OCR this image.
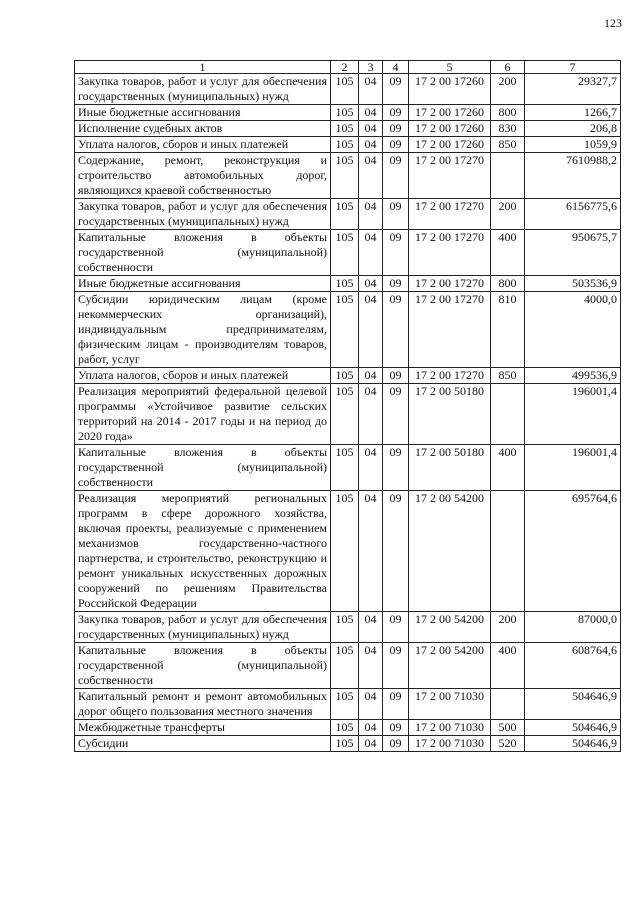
123
1	2	3	4	5	6	7
Закупка товаров, работ и услуг для обеспечения государственных (муниципальных) нужд	105	04	09	17 2 00 17260	200	29327,7
Иные бюджетные ассигнования	105	04	09	17 2 00 17260	800	1266,7
Исполнение судебных актов	105	04	09	17 2 00 17260	830	206,8
Уплата налогов, сборов и иных платежей	105	04	09	17 2 00 17260	850	1059,9
Содержание, ремонт, реконструкция и строительство автомобильных дорог, являющихся краевой собственностью	105	04	09	17 2 00 17270		7610988,2
Закупка товаров, работ и услуг для обеспечения государственных (муниципальных) нужд	105	04	09	17 2 00 17270	200	6156775,6
Капитальные вложения в объекты государственной (муниципальной) собственности	105	04	09	17 2 00 17270	400	950675,7
Иные бюджетные ассигнования	105	04	09	17 2 00 17270	800	503536,9
Субсидии юридическим лицам (кроме некоммерческих организаций), индивидуальным предпринимателям, физическим лицам - производителям товаров, работ, услуг	105	04	09	17 2 00 17270	810	4000,0
Уплата налогов, сборов и иных платежей	105	04	09	17 2 00 17270	850	499536,9
Реализация мероприятий федеральной целевой программы «Устойчивое развитие сельских территорий на 2014 - 2017 годы и на период до 2020 года»	105	04	09	17 2 00 50180		196001,4
Капитальные вложения в объекты государственной (муниципальной) собственности	105	04	09	17 2 00 50180	400	196001,4
Реализация мероприятий региональных программ в сфере дорожного хозяйства, включая проекты, реализуемые с применением механизмов государственно-частного партнерства, и строительство, реконструкцию и ремонт уникальных искусственных дорожных сооружений по решениям Правительства Российской Федерации	105	04	09	17 2 00 54200		695764,6
Закупка товаров, работ и услуг для обеспечения государственных (муниципальных) нужд	105	04	09	17 2 00 54200	200	87000,0
Капитальные вложения в объекты государственной (муниципальной) собственности	105	04	09	17 2 00 54200	400	608764,6
Капитальный ремонт и ремонт автомобильных дорог общего пользования местного значения	105	04	09	17 2 00 71030		504646,9
Межбюджетные трансферты	105	04	09	17 2 00 71030	500	504646,9
Субсидии	105	04	09	17 2 00 71030	520	504646,9
